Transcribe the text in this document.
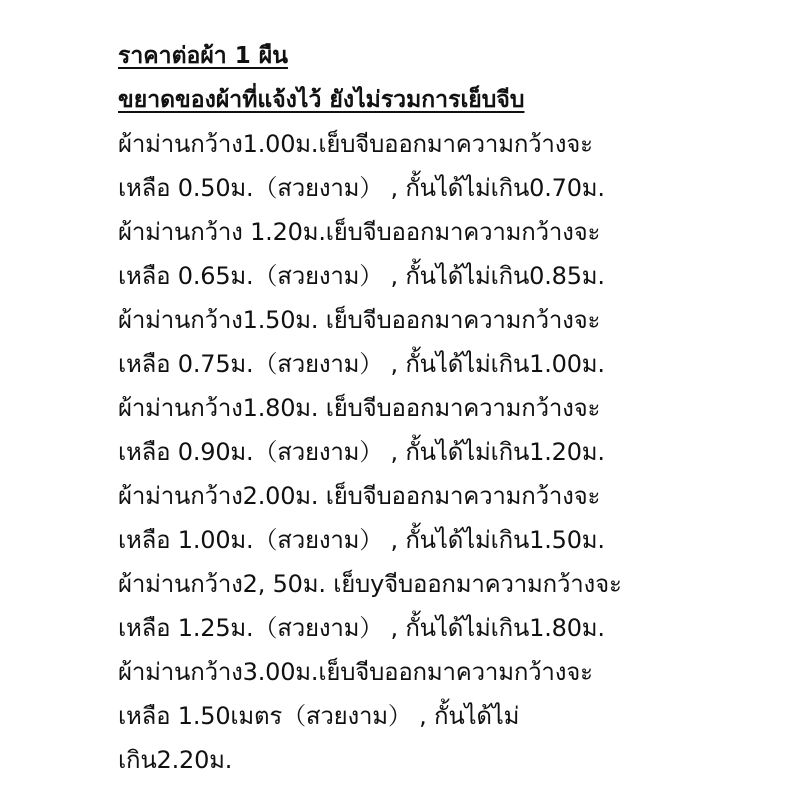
ราคาต่อผ้า 1 ผืน
ขยาดของผ้าที่แจ้งไว้ ยังไม่รวมการเย็บจีบ
ผ้าม่านกว้าง1.00ม.เย็บจีบออกมาความกว้างจะ
เหลือ 0.50ม.（สวยงาม） , กั้นได้ไม่เกิน0.70ม.
ผ้าม่านกว้าง 1.20ม.เย็บจีบออกมาความกว้างจะ
เหลือ 0.65ม.（สวยงาม） , กั้นได้ไม่เกิน0.85ม.
ผ้าม่านกว้าง1.50ม. เย็บจีบออกมาความกว้างจะ
เหลือ 0.75ม.（สวยงาม） , กั้นได้ไม่เกิน1.00ม.
ผ้าม่านกว้าง1.80ม. เย็บจีบออกมาความกว้างจะ
เหลือ 0.90ม.（สวยงาม） , กั้นได้ไม่เกิน1.20ม.
ผ้าม่านกว้าง2.00ม. เย็บจีบออกมาความกว้างจะ
เหลือ 1.00ม.（สวยงาม） , กั้นได้ไม่เกิน1.50ม.
ผ้าม่านกว้าง2, 50ม. เย็บyจีบออกมาความกว้างจะ
เหลือ 1.25ม.（สวยงาม） , กั้นได้ไม่เกิน1.80ม.
ผ้าม่านกว้าง3.00ม.เย็บจีบออกมาความกว้างจะ
เหลือ 1.50เมตร（สวยงาม） , กั้นได้ไม่
เกิน2.20ม.
